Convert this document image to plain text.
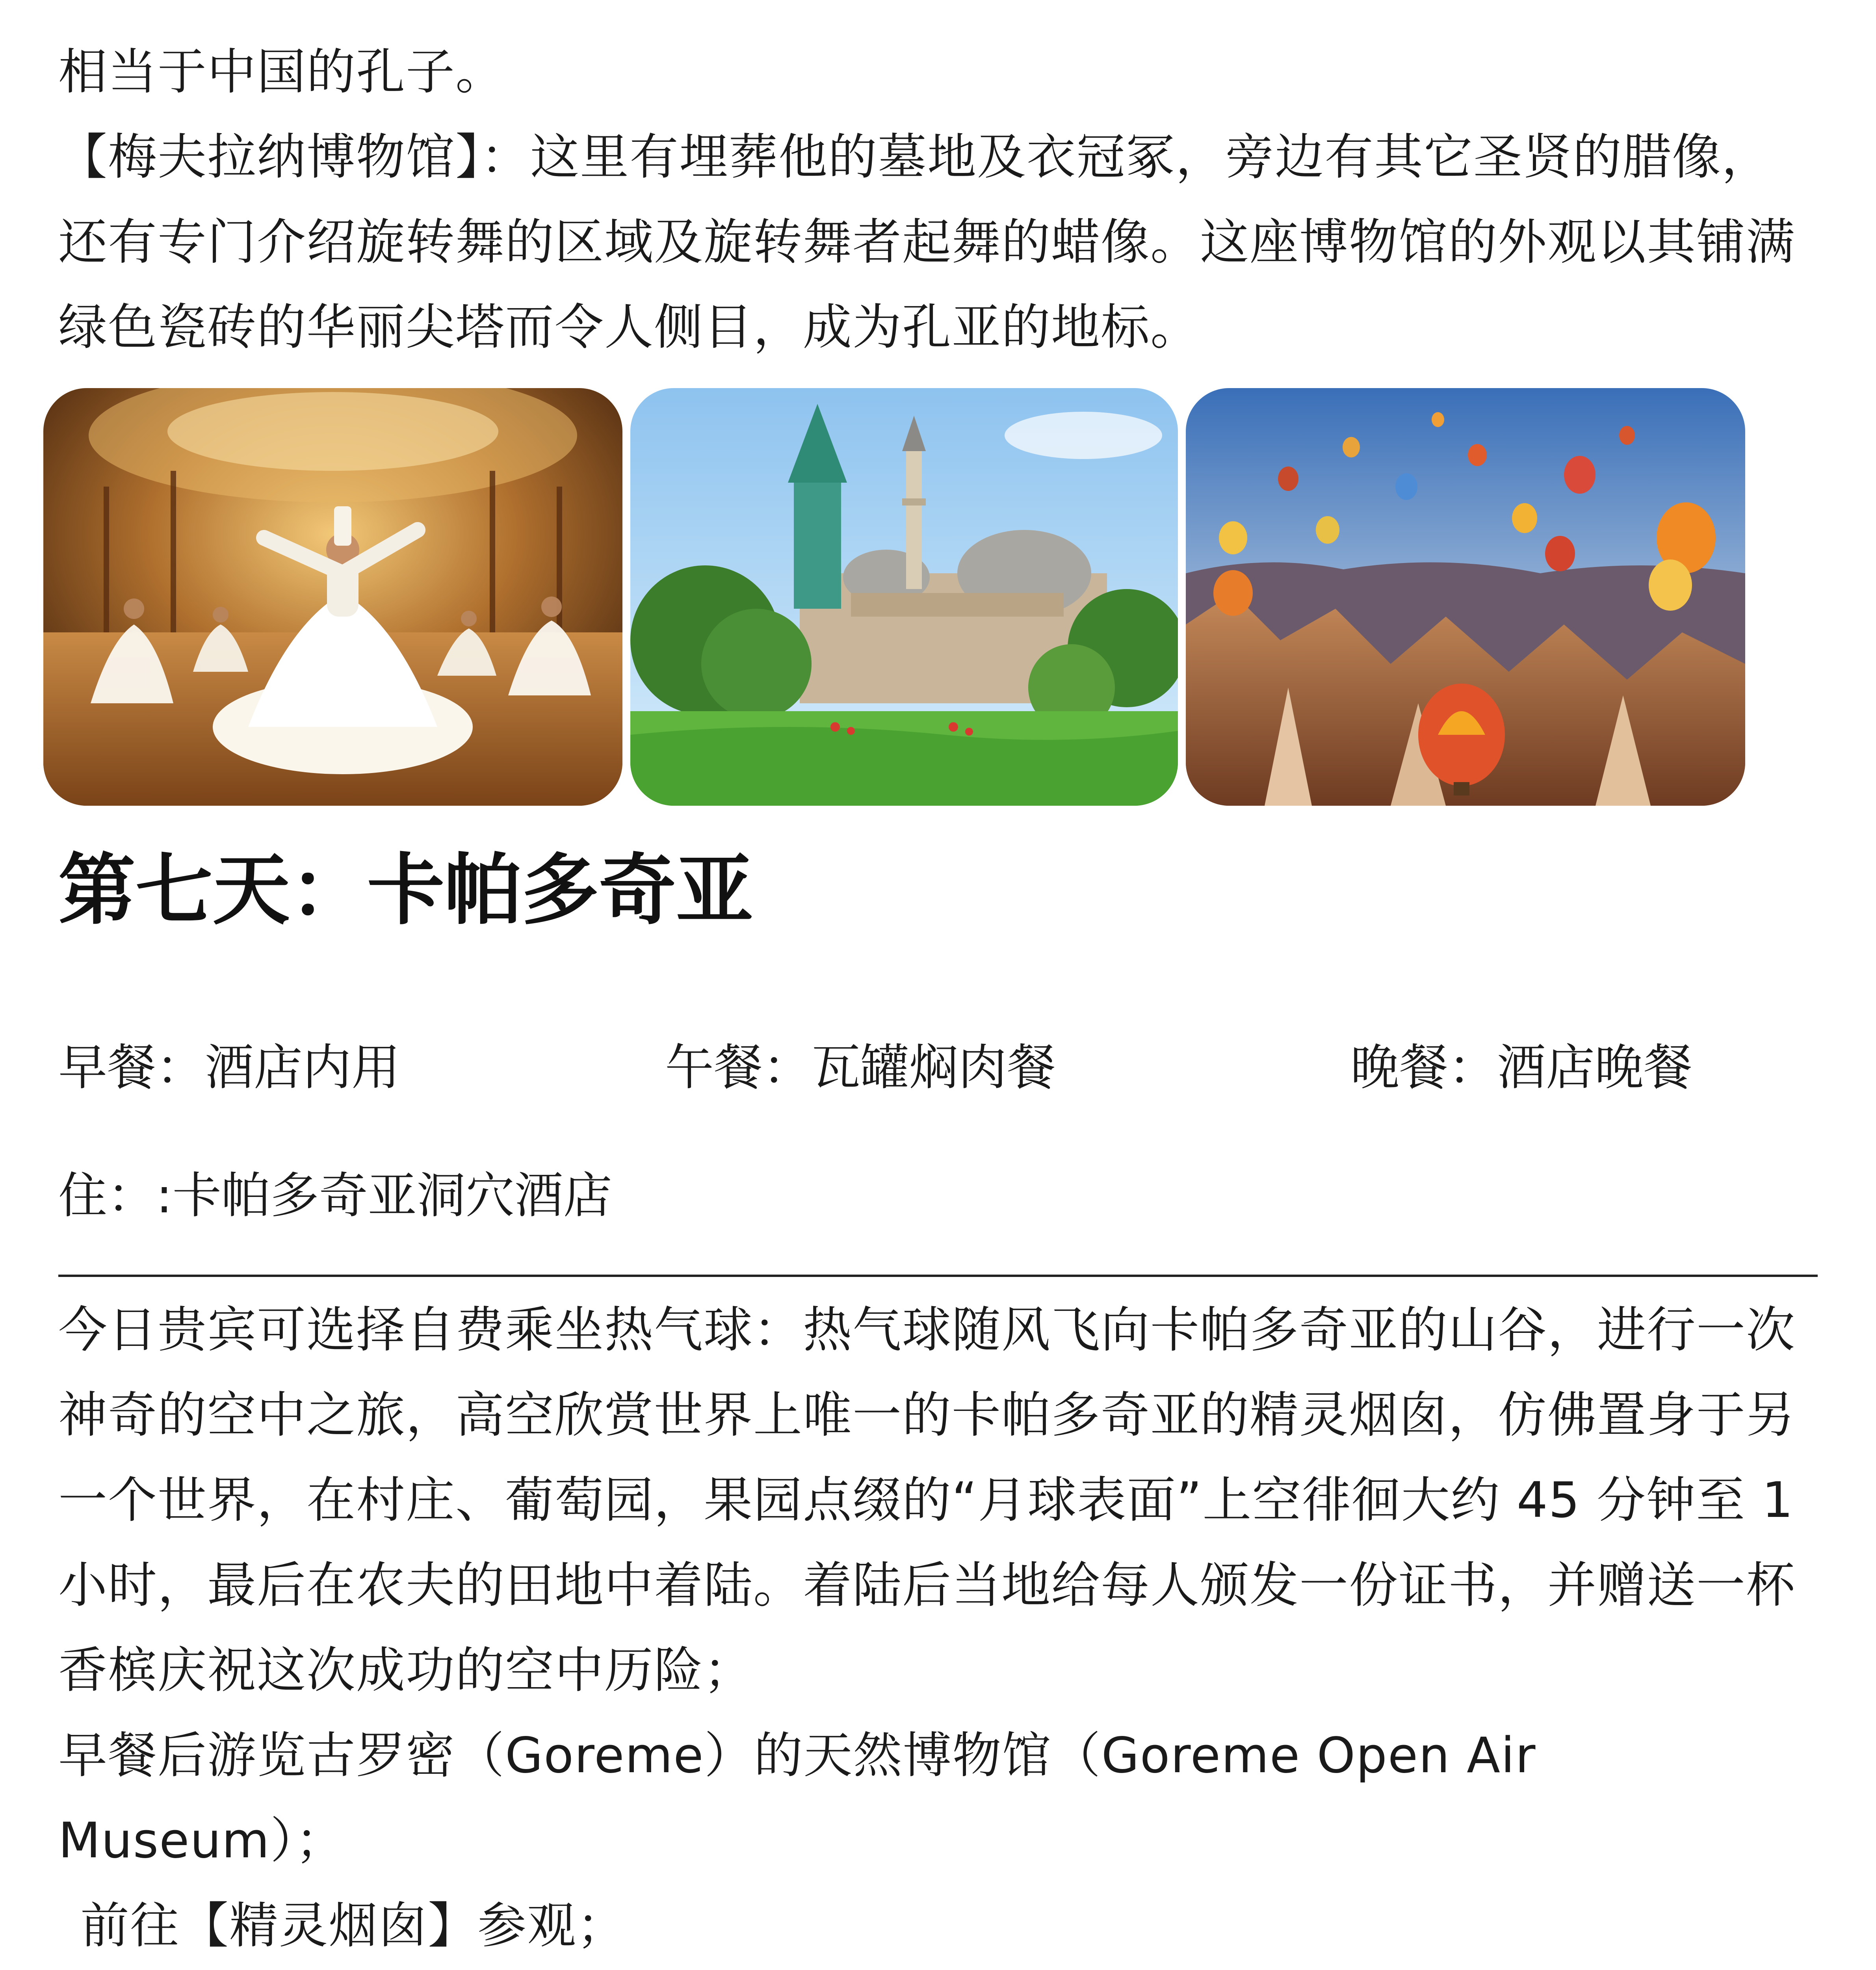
相当于中国的孔子。

【梅夫拉纳博物馆】：这里有埋葬他的墓地及衣冠冢，旁边有其它圣贤的腊像，还有专门介绍旋转舞的区域及旋转舞者起舞的蜡像。这座博物馆的外观以其铺满绿色瓷砖的华丽尖塔而令人侧目，成为孔亚的地标。

第七天：卡帕多奇亚
早餐：酒店内用	午餐：瓦罐焖肉餐	晚餐：酒店晚餐
住：:卡帕多奇亚洞穴酒店

今日贵宾可选择自费乘坐热气球：热气球随风飞向卡帕多奇亚的山谷，进行一次神奇的空中之旅，高空欣赏世界上唯一的卡帕多奇亚的精灵烟囱，仿佛置身于另一个世界，在村庄、葡萄园，果园点缀的“月球表面”上空徘徊大约 45 分钟至 1 小时，最后在农夫的田地中着陆。着陆后当地给每人颁发一份证书，并赠送一杯香槟庆祝这次成功的空中历险；

早餐后游览古罗密（Goreme）的天然博物馆（Goreme Open Air Museum）；

前往【精灵烟囱】参观；
